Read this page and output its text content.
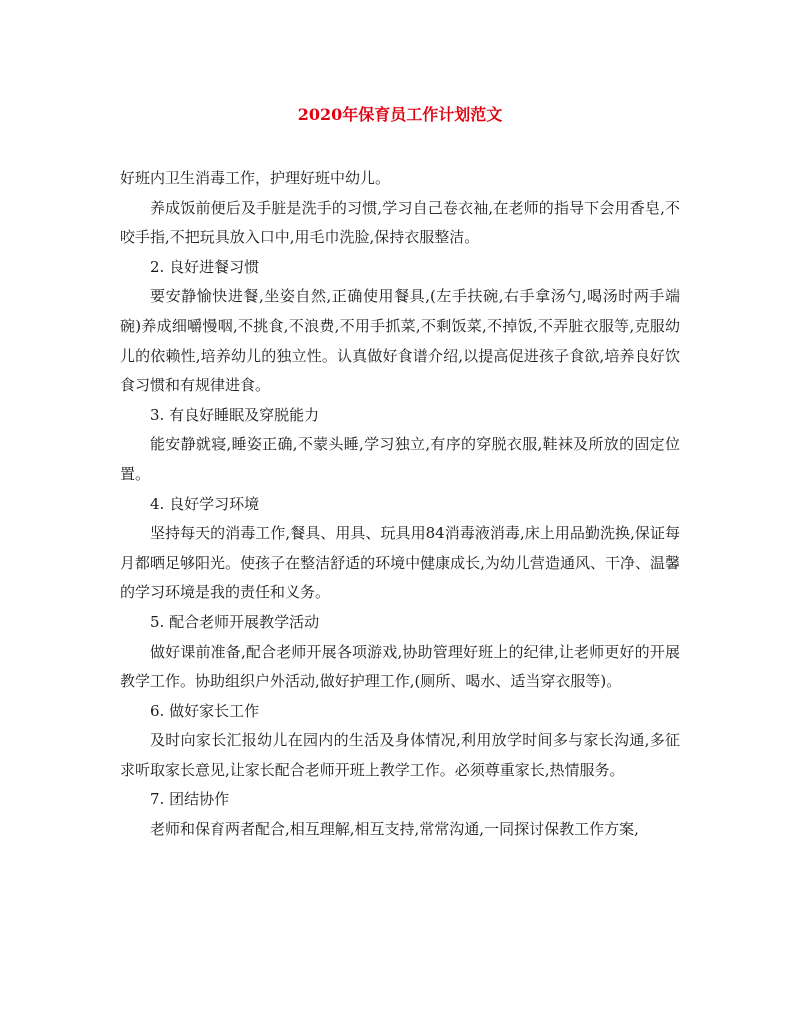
2020年保育员工作计划范文

好班内卫生消毒工作，护理好班中幼儿。

养成饭前便后及手脏是洗手的习惯,学习自己卷衣袖,在老师的指导下会用香皂,不咬手指,不把玩具放入口中,用毛巾洗脸,保持衣服整洁。

2. 良好进餐习惯

要安静愉快进餐,坐姿自然,正确使用餐具,(左手扶碗,右手拿汤勺,喝汤时两手端碗)养成细嚼慢咽,不挑食,不浪费,不用手抓菜,不剩饭菜,不掉饭,不弄脏衣服等,克服幼儿的依赖性,培养幼儿的独立性。认真做好食谱介绍,以提高促进孩子食欲,培养良好饮食习惯和有规律进食。

3. 有良好睡眠及穿脱能力

能安静就寝,睡姿正确,不蒙头睡,学习独立,有序的穿脱衣服,鞋袜及所放的固定位置。

4. 良好学习环境

坚持每天的消毒工作,餐具、用具、玩具用84消毒液消毒,床上用品勤洗换,保证每月都晒足够阳光。使孩子在整洁舒适的环境中健康成长,为幼儿营造通风、干净、温馨的学习环境是我的责任和义务。

5. 配合老师开展教学活动

做好课前准备,配合老师开展各项游戏,协助管理好班上的纪律,让老师更好的开展教学工作。协助组织户外活动,做好护理工作,(厕所、喝水、适当穿衣服等)。

6. 做好家长工作

及时向家长汇报幼儿在园内的生活及身体情况,利用放学时间多与家长沟通,多征求听取家长意见,让家长配合老师开班上教学工作。必须尊重家长,热情服务。

7. 团结协作

老师和保育两者配合,相互理解,相互支持,常常沟通,一同探讨保教工作方案,
